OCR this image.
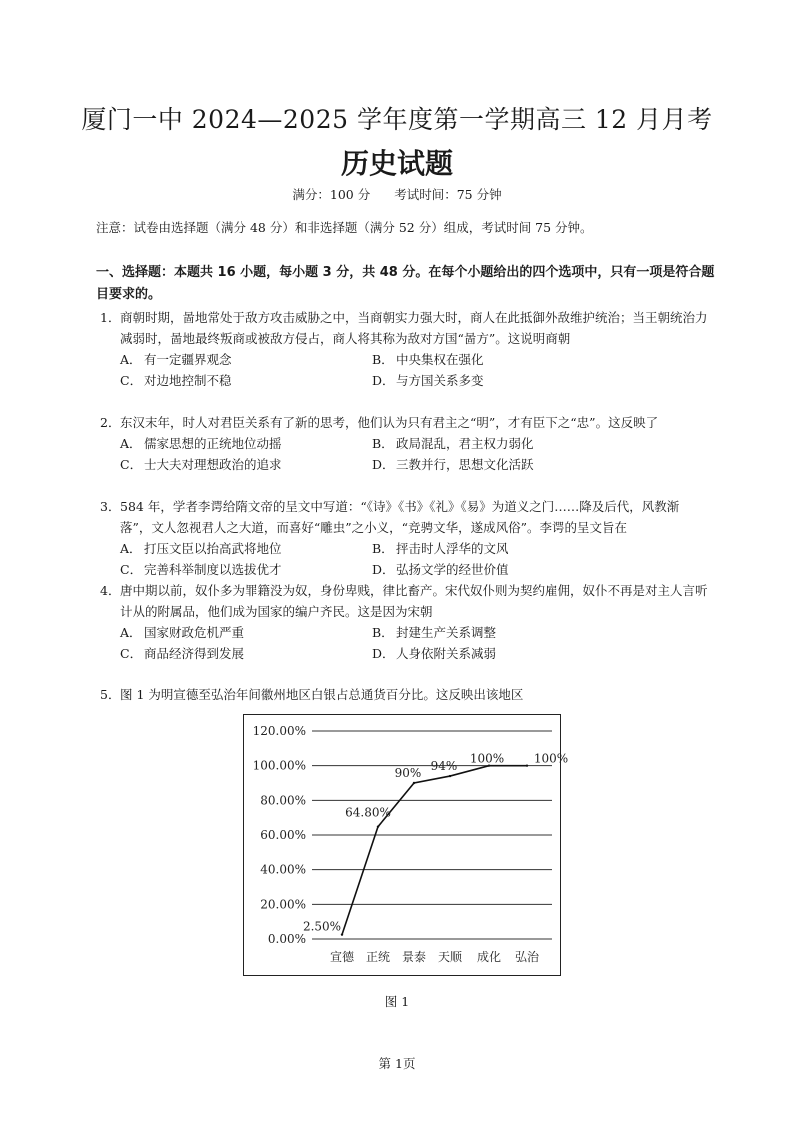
厦门一中 2024—2025 学年度第一学期高三 12 月月考
历史试题
满分：100 分 考试时间：75 分钟
注意：试卷由选择题（满分 48 分）和非选择题（满分 52 分）组成，考试时间 75 分钟。
一、选择题：本题共 16 小题，每小题 3 分，共 48 分。在每个小题给出的四个选项中，只有一项是符合题目要求的。
1．商朝时期，啚地常处于敌方攻击威胁之中，当商朝实力强大时，商人在此抵御外敌维护统治；当王朝统治力减弱时，啚地最终叛商或被敌方侵占，商人将其称为敌对方国“啚方”。这说明商朝
A． 有一定疆界观念	B． 中央集权在强化
C． 对边地控制不稳	D．与方国关系多变
2．东汉末年，时人对君臣关系有了新的思考，他们认为只有君主之“明”，才有臣下之“忠”。这反映了
A． 儒家思想的正统地位动摇	B． 政局混乱，君主权力弱化
C． 士大夫对理想政治的追求	D．三教并行，思想文化活跃
3．584 年，学者李谔给隋文帝的呈文中写道：“《诗》《书》《礼》《易》为道义之门……降及后代，风教渐落”，文人忽视君人之大道，而喜好“雕虫”之小义，“竞骋文华，遂成风俗”。李谔的呈文旨在
A． 打压文臣以抬高武将地位	B． 抨击时人浮华的文风
C． 完善科举制度以选拔优才	D．弘扬文学的经世价值
4．唐中期以前，奴仆多为罪籍没为奴，身份卑贱，律比畜产。宋代奴仆则为契约雇佣，奴仆不再是对主人言听计从的附属品，他们成为国家的编户齐民。这是因为宋朝
A． 国家财政危机严重	B． 封建生产关系调整
C． 商品经济得到发展	D．人身依附关系减弱
5．图 1 为明宣德至弘治年间徽州地区白银占总通货百分比。这反映出该地区
0.00%
20.00%
40.00%
60.00%
80.00%
100.00%
120.00%
2.50%
64.80%
90% 94%
100% 100%
宣德 正统 景泰 天顺 成化 弘治
图 1
第 1页
